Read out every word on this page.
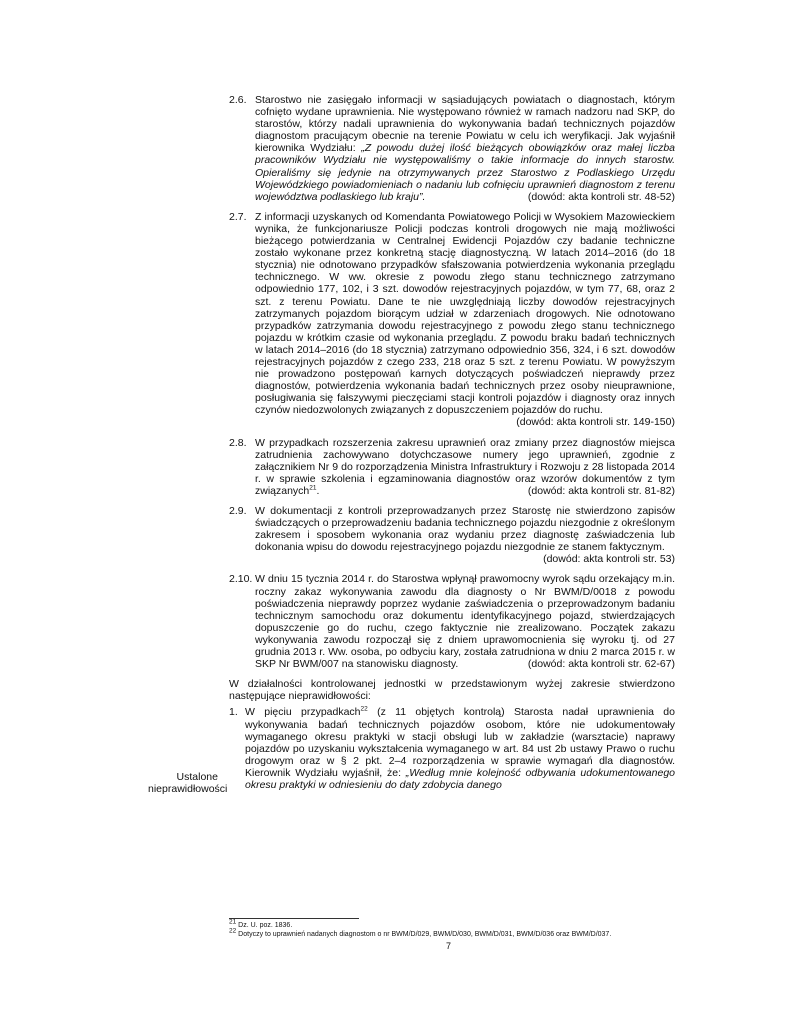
2.6. Starostwo nie zasięgało informacji w sąsiadujących powiatach o diagnostach, którym cofnięto wydane uprawnienia. Nie występowano również w ramach nadzoru nad SKP, do starostów, którzy nadali uprawnienia do wykonywania badań technicznych pojazdów diagnostom pracującym obecnie na terenie Powiatu w celu ich weryfikacji. Jak wyjaśnił kierownika Wydziału: „Z powodu dużej ilość bieżących obowiązków oraz małej liczba pracowników Wydziału nie występowaliśmy o takie informacje do innych starostw. Opieraliśmy się jedynie na otrzymywanych przez Starostwo z Podlaskiego Urzędu Wojewódzkiego powiadomieniach o nadaniu lub cofnięciu uprawnień diagnostom z terenu województwa podlaskiego lub kraju”.	(dowód: akta kontroli str. 48-52)
2.7. Z informacji uzyskanych od Komendanta Powiatowego Policji w Wysokiem Mazowieckiem wynika, że funkcjonariusze Policji podczas kontroli drogowych nie mają możliwości bieżącego potwierdzania w Centralnej Ewidencji Pojazdów czy badanie techniczne zostało wykonane przez konkretną stację diagnostyczną. W latach 2014–2016 (do 18 stycznia) nie odnotowano przypadków sfałszowania potwierdzenia wykonania przeglądu technicznego. W ww. okresie z powodu złego stanu technicznego zatrzymano odpowiednio 177, 102, i 3 szt. dowodów rejestracyjnych pojazdów, w tym 77, 68, oraz 2 szt. z terenu Powiatu. Dane te nie uwzględniają liczby dowodów rejestracyjnych zatrzymanych pojazdom biorącym udział w zdarzeniach drogowych. Nie odnotowano przypadków zatrzymania dowodu rejestracyjnego z powodu złego stanu technicznego pojazdu w krótkim czasie od wykonania przeglądu. Z powodu braku badań technicznych w latach 2014–2016 (do 18 stycznia) zatrzymano odpowiednio 356, 324, i 6 szt. dowodów rejestracyjnych pojazdów z czego 233, 218 oraz 5 szt. z terenu Powiatu. W powyższym nie prowadzono postępowań karnych dotyczących poświadczeń nieprawdy przez diagnostów, potwierdzenia wykonania badań technicznych przez osoby nieuprawnione, posługiwania się fałszywymi pieczęciami stacji kontroli pojazdów i diagnosty oraz innych czynów niedozwolonych związanych z dopuszczeniem pojazdów do ruchu.
(dowód: akta kontroli str. 149-150)
2.8. W przypadkach rozszerzenia zakresu uprawnień oraz zmiany przez diagnostów miejsca zatrudnienia zachowywano dotychczasowe numery jego uprawnień, zgodnie z załącznikiem Nr 9 do rozporządzenia Ministra Infrastruktury i Rozwoju z 28 listopada 2014 r. w sprawie szkolenia i egzaminowania diagnostów oraz wzorów dokumentów z tym związanych$^{21}$.	(dowód: akta kontroli str. 81-82)
2.9. W dokumentacji z kontroli przeprowadzanych przez Starostę nie stwierdzono zapisów świadczących o przeprowadzeniu badania technicznego pojazdu niezgodnie z określonym zakresem i sposobem wykonania oraz wydaniu przez diagnostę zaświadczenia lub dokonania wpisu do dowodu rejestracyjnego pojazdu niezgodnie ze stanem faktycznym.
(dowód: akta kontroli str. 53)
2.10. W dniu 15 tycznia 2014 r. do Starostwa wpłynął prawomocny wyrok sądu orzekający m.in. roczny zakaz wykonywania zawodu dla diagnosty o Nr BWM/D/0018 z powodu poświadczenia nieprawdy poprzez wydanie zaświadczenia o przeprowadzonym badaniu technicznym samochodu oraz dokumentu identyfikacyjnego pojazd, stwierdzających dopuszczenie go do ruchu, czego faktycznie nie zrealizowano. Początek zakazu wykonywania zawodu rozpoczął się z dniem uprawomocnienia się wyroku tj. od 27 grudnia 2013 r. Ww. osoba, po odbyciu kary, została zatrudniona w dniu 2 marca 2015 r. w SKP Nr BWM/007 na stanowisku diagnosty.	(dowód: akta kontroli str. 62-67)
W działalności kontrolowanej jednostki w przedstawionym wyżej zakresie stwierdzono następujące nieprawidłowości:
1. W pięciu przypadkach$^{22}$ (z 11 objętych kontrolą) Starosta nadał uprawnienia do wykonywania badań technicznych pojazdów osobom, które nie udokumentowały wymaganego okresu praktyki w stacji obsługi lub w zakładzie (warsztacie) naprawy pojazdów po uzyskaniu wykształcenia wymaganego w art. 84 ust 2b ustawy Prawo o ruchu drogowym oraz w § 2 pkt. 2–4 rozporządzenia w sprawie wymagań dla diagnostów. Kierownik Wydziału wyjaśnił, że: „Według mnie kolejność odbywania udokumentowanego okresu praktyki w odniesieniu do daty zdobycia danego
Ustalone nieprawidłowości
$^{21}$ Dz. U. poz. 1836.
$^{22}$ Dotyczy to uprawnień nadanych diagnostom o nr BWM/D/029, BWM/D/030, BWM/D/031, BWM/D/036 oraz BWM/D/037.
7
